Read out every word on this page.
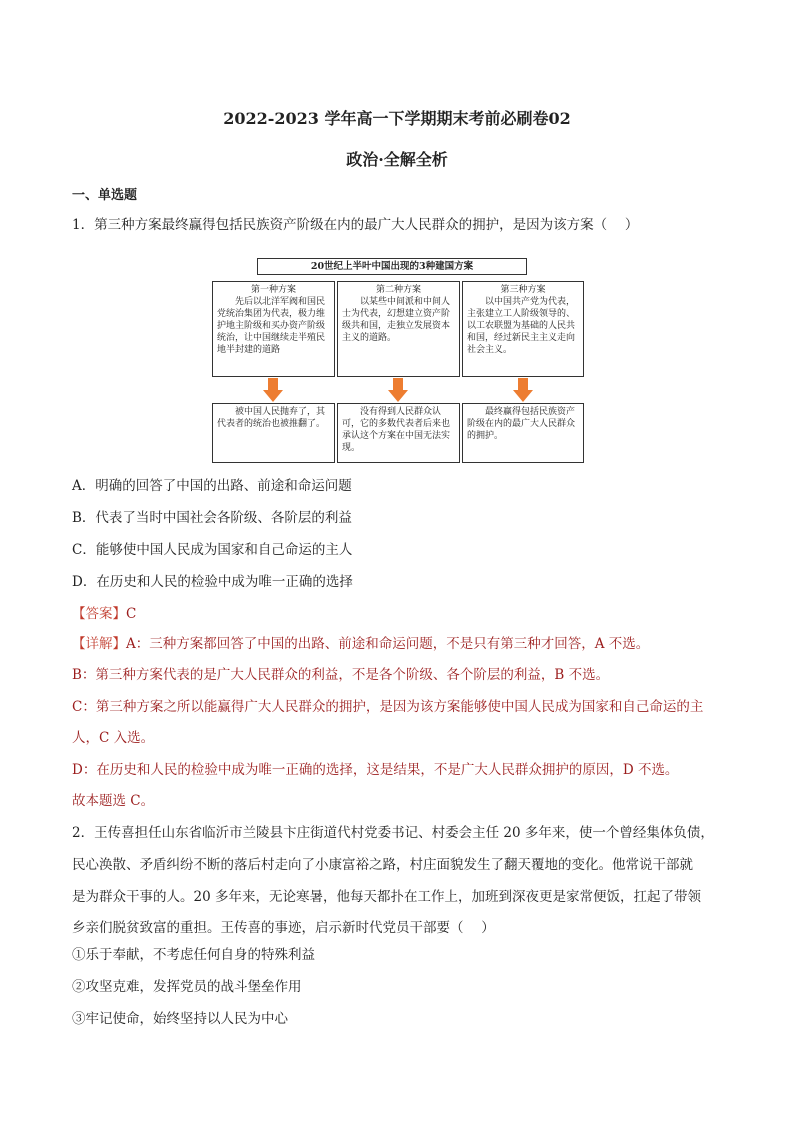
2022-2023 学年高一下学期期末考前必刷卷02
政治·全解全析
一、单选题
1．第三种方案最终赢得包括民族资产阶级在内的最广大人民群众的拥护，是因为该方案（　 ）
20世纪上半叶中国出现的3种建国方案
第一种方案
先后以北洋军阀和国民党统治集团为代表，极力维护地主阶级和买办资产阶级统治，让中国继续走半殖民地半封建的道路
第二种方案
以某些中间派和中间人士为代表，幻想建立资产阶级共和国，走独立发展资本主义的道路。
第三种方案
以中国共产党为代表，主张建立工人阶级领导的、以工农联盟为基础的人民共和国，经过新民主主义走向社会主义。
被中国人民抛弃了，其代表者的统治也被推翻了。
没有得到人民群众认可，它的多数代表者后来也承认这个方案在中国无法实现。
最终赢得包括民族资产阶级在内的最广大人民群众的拥护。
A．明确的回答了中国的出路、前途和命运问题
B．代表了当时中国社会各阶级、各阶层的利益
C．能够使中国人民成为国家和自己命运的主人
D．在历史和人民的检验中成为唯一正确的选择
【答案】C
【详解】A：三种方案都回答了中国的出路、前途和命运问题，不是只有第三种才回答，A 不选。
B：第三种方案代表的是广大人民群众的利益，不是各个阶级、各个阶层的利益，B 不选。
C：第三种方案之所以能赢得广大人民群众的拥护，是因为该方案能够使中国人民成为国家和自己命运的主
人，C 入选。
D：在历史和人民的检验中成为唯一正确的选择，这是结果，不是广大人民群众拥护的原因，D 不选。
故本题选 C。
2．王传喜担任山东省临沂市兰陵县卞庄街道代村党委书记、村委会主任 20 多年来，使一个曾经集体负债，
民心涣散、矛盾纠纷不断的落后村走向了小康富裕之路，村庄面貌发生了翻天覆地的变化。他常说干部就
是为群众干事的人。20 多年来，无论寒暑，他每天都扑在工作上，加班到深夜更是家常便饭，扛起了带领
乡亲们脱贫致富的重担。王传喜的事迹，启示新时代党员干部要（　 ）
①乐于奉献，不考虑任何自身的特殊利益
②攻坚克难，发挥党员的战斗堡垒作用
③牢记使命，始终坚持以人民为中心
